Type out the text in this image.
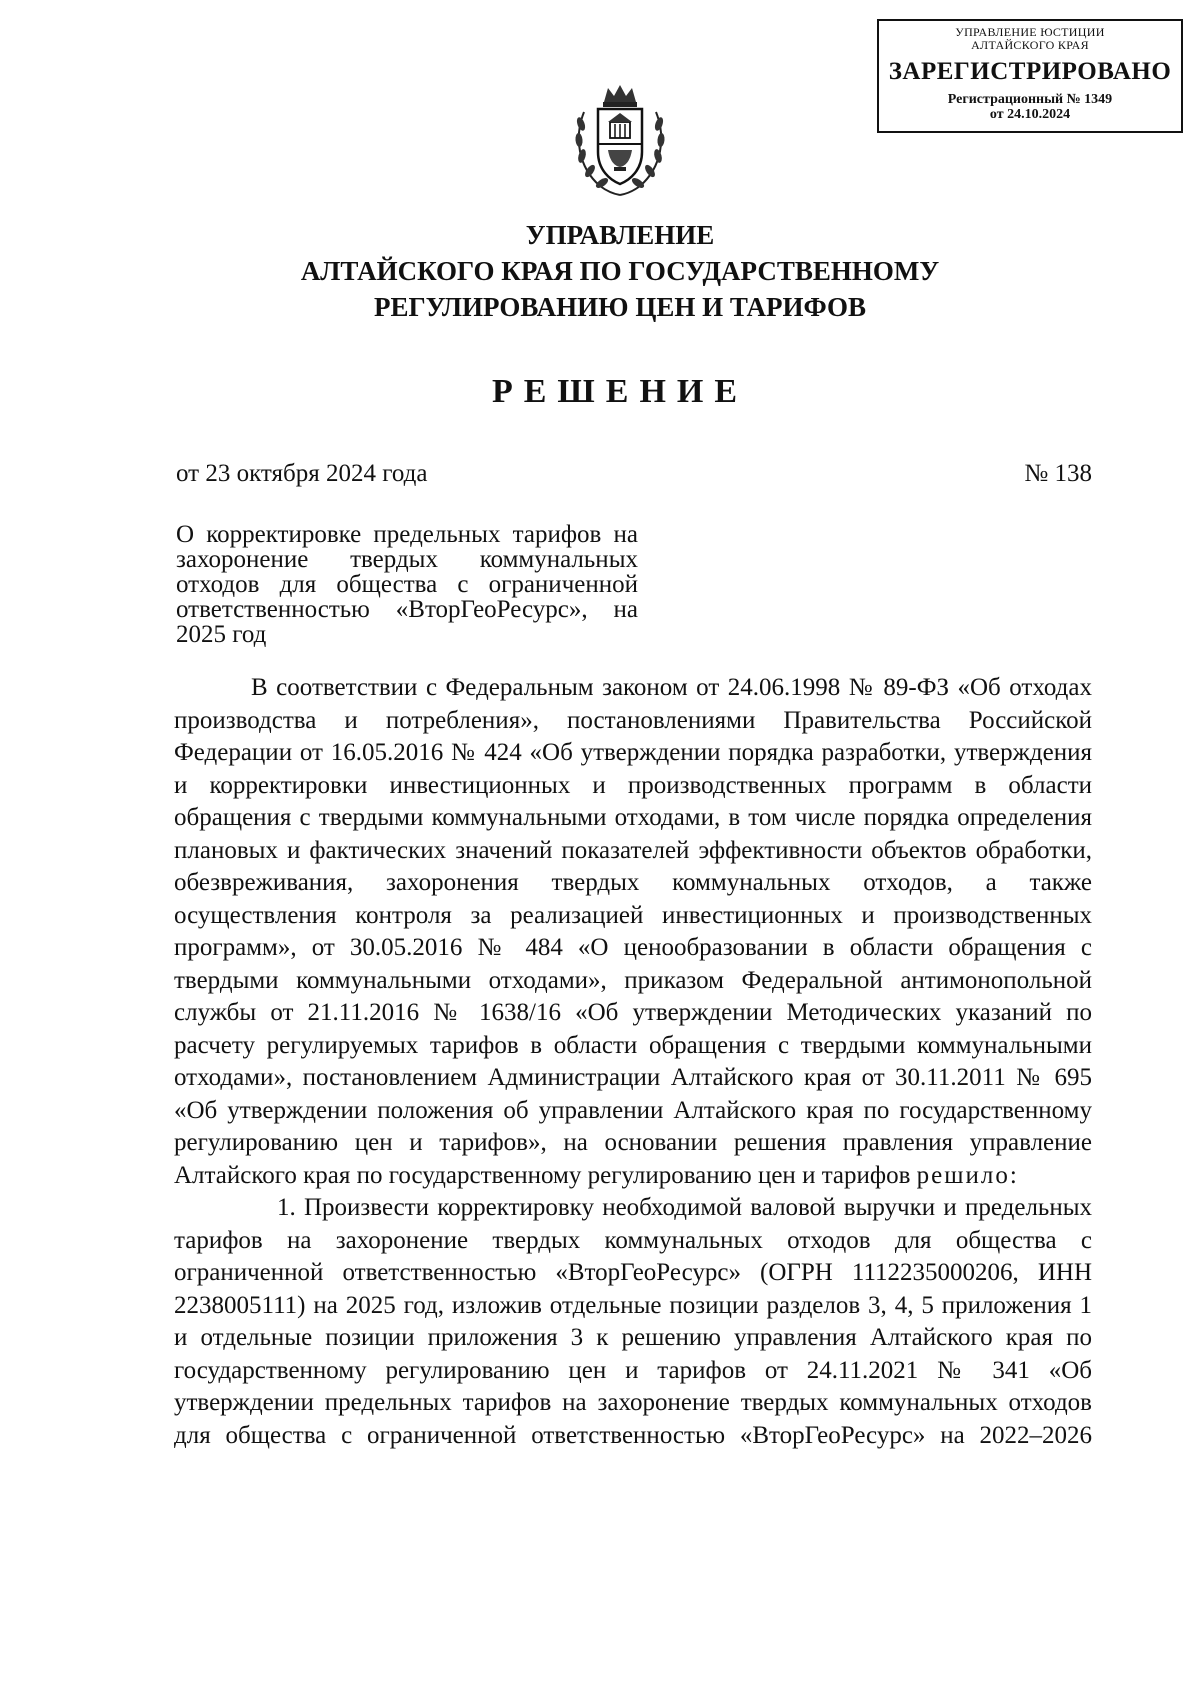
УПРАВЛЕНИЕ ЮСТИЦИИ
АЛТАЙСКОГО КРАЯ
ЗАРЕГИСТРИРОВАНО
Регистрационный № 1349
от 24.10.2024
УПРАВЛЕНИЕ
АЛТАЙСКОГО КРАЯ ПО ГОСУДАРСТВЕННОМУ
РЕГУЛИРОВАНИЮ ЦЕН И ТАРИФОВ
РЕШЕНИЕ
от 23 октября 2024 года	№ 138
О корректировке предельных тарифов на захоронение твердых коммунальных отходов для общества с ограниченной ответственностью «ВторГеоРесурс», на 2025 год

В соответствии с Федеральным законом от 24.06.1998 № 89-ФЗ «Об отходах производства и потребления», постановлениями Правительства Российской Федерации от 16.05.2016 № 424 «Об утверждении порядка разработки, утверждения и корректировки инвестиционных и производственных программ в области обращения с твердыми коммунальными отходами, в том числе порядка определения плановых и фактических значений показателей эффективности объектов обработки, обезвреживания, захоронения твердых коммунальных отходов, а также осуществления контроля за реализацией инвестиционных и производственных программ», от 30.05.2016 № 484 «О ценообразовании в области обращения с твердыми коммунальными отходами», приказом Федеральной антимонопольной службы от 21.11.2016 № 1638/16 «Об утверждении Методических указаний по расчету регулируемых тарифов в области обращения с твердыми коммунальными отходами», постановлением Администрации Алтайского края от 30.11.2011 № 695 «Об утверждении положения об управлении Алтайского края по государственному регулированию цен и тарифов», на основании решения правления управление Алтайского края по государственному регулированию цен и тарифов решило:

1. Произвести корректировку необходимой валовой выручки и предельных тарифов на захоронение твердых коммунальных отходов для общества с ограниченной ответственностью «ВторГеоРесурс» (ОГРН 1112235000206, ИНН 2238005111) на 2025 год, изложив отдельные позиции разделов 3, 4, 5 приложения 1 и отдельные позиции приложения 3 к решению управления Алтайского края по государственному регулированию цен и тарифов от 24.11.2021 № 341 «Об утверждении предельных тарифов на захоронение твердых коммунальных отходов для общества с ограниченной ответственностью «ВторГеоРесурс» на 2022–2026
